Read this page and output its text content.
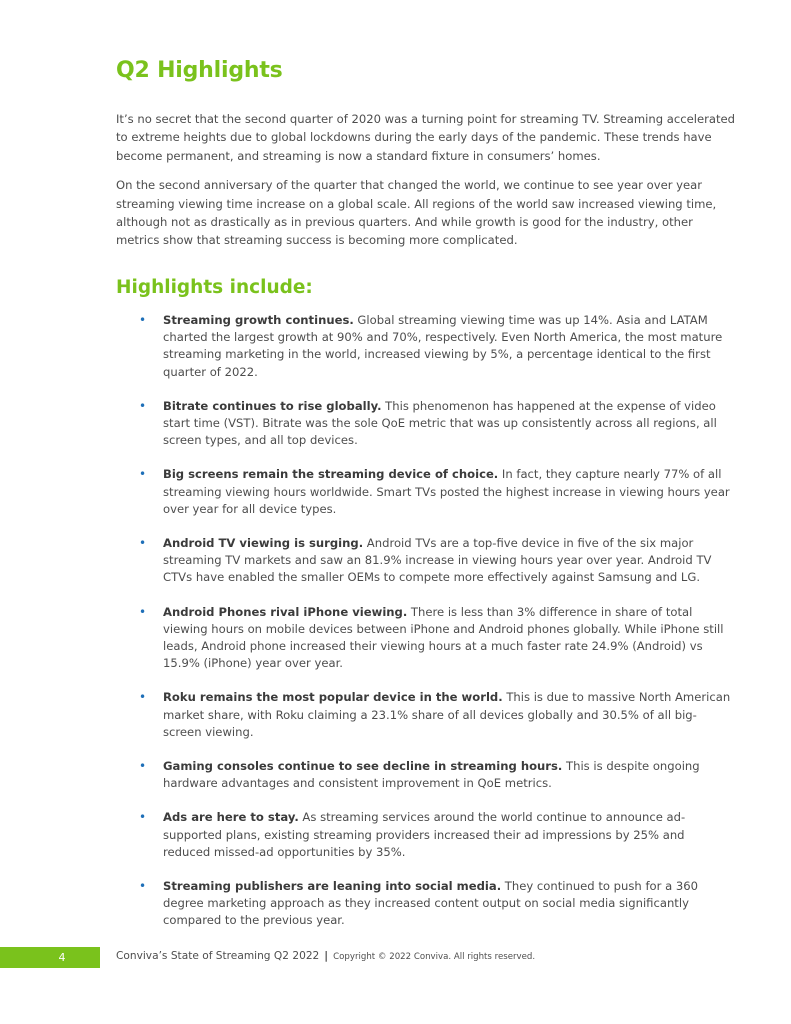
Q2 Highlights

It’s no secret that the second quarter of 2020 was a turning point for streaming TV. Streaming accelerated to extreme heights due to global lockdowns during the early days of the pandemic. These trends have become permanent, and streaming is now a standard fixture in consumers’ homes.

On the second anniversary of the quarter that changed the world, we continue to see year over year streaming viewing time increase on a global scale. All regions of the world saw increased viewing time, although not as drastically as in previous quarters. And while growth is good for the industry, other metrics show that streaming success is becoming more complicated.

Highlights include:
• Streaming growth continues. Global streaming viewing time was up 14%. Asia and LATAM charted the largest growth at 90% and 70%, respectively. Even North America, the most mature streaming marketing in the world, increased viewing by 5%, a percentage identical to the first quarter of 2022.
• Bitrate continues to rise globally. This phenomenon has happened at the expense of video start time (VST). Bitrate was the sole QoE metric that was up consistently across all regions, all screen types, and all top devices.
• Big screens remain the streaming device of choice. In fact, they capture nearly 77% of all streaming viewing hours worldwide. Smart TVs posted the highest increase in viewing hours year over year for all device types.
• Android TV viewing is surging. Android TVs are a top-five device in five of the six major streaming TV markets and saw an 81.9% increase in viewing hours year over year. Android TV CTVs have enabled the smaller OEMs to compete more effectively against Samsung and LG.
• Android Phones rival iPhone viewing. There is less than 3% difference in share of total viewing hours on mobile devices between iPhone and Android phones globally. While iPhone still leads, Android phone increased their viewing hours at a much faster rate 24.9% (Android) vs 15.9% (iPhone) year over year.
• Roku remains the most popular device in the world. This is due to massive North American market share, with Roku claiming a 23.1% share of all devices globally and 30.5% of all big-screen viewing.
• Gaming consoles continue to see decline in streaming hours. This is despite ongoing hardware advantages and consistent improvement in QoE metrics.
• Ads are here to stay. As streaming services around the world continue to announce ad-supported plans, existing streaming providers increased their ad impressions by 25% and reduced missed-ad opportunities by 35%.
• Streaming publishers are leaning into social media. They continued to push for a 360 degree marketing approach as they increased content output on social media significantly compared to the previous year.
4	Conviva’s State of Streaming Q2 2022 | Copyright © 2022 Conviva. All rights reserved.
